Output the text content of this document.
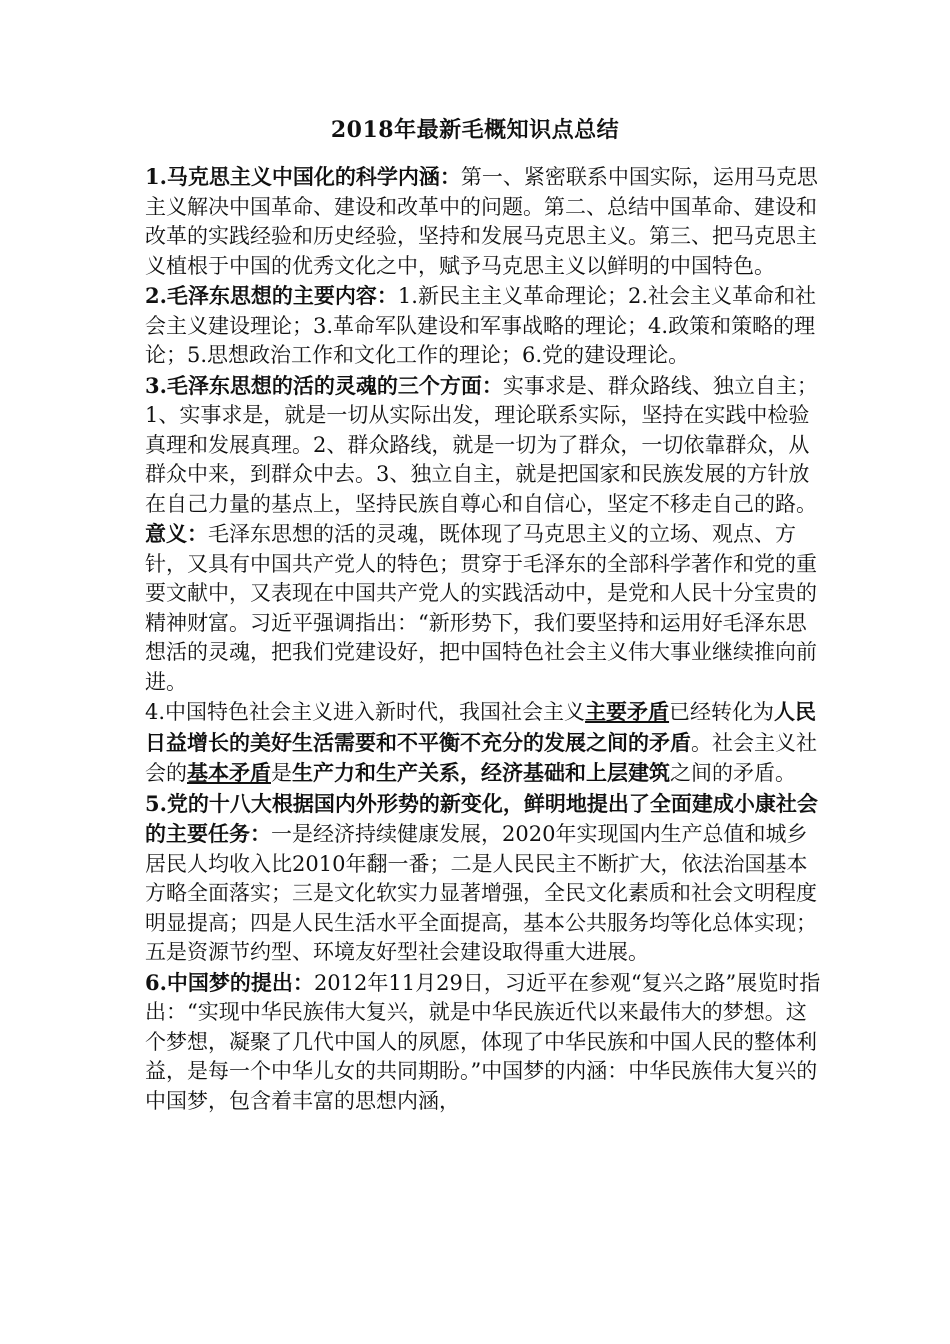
2018年最新毛概知识点总结

1.马克思主义中国化的科学内涵：第一、紧密联系中国实际，运用马克思主义解决中国革命、建设和改革中的问题。第二、总结中国革命、建设和改革的实践经验和历史经验，坚持和发展马克思主义。第三、把马克思主义植根于中国的优秀文化之中，赋予马克思主义以鲜明的中国特色。

2.毛泽东思想的主要内容：1.新民主主义革命理论；2.社会主义革命和社会主义建设理论；3.革命军队建设和军事战略的理论；4.政策和策略的理论；5.思想政治工作和文化工作的理论；6.党的建设理论。

3.毛泽东思想的活的灵魂的三个方面：实事求是、群众路线、独立自主；1、实事求是，就是一切从实际出发，理论联系实际，坚持在实践中检验真理和发展真理。2、群众路线，就是一切为了群众，一切依靠群众，从群众中来，到群众中去。3、独立自主，就是把国家和民族发展的方针放在自己力量的基点上，坚持民族自尊心和自信心，坚定不移走自己的路。意义：毛泽东思想的活的灵魂，既体现了马克思主义的立场、观点、方针，又具有中国共产党人的特色；贯穿于毛泽东的全部科学著作和党的重要文献中，又表现在中国共产党人的实践活动中，是党和人民十分宝贵的精神财富。习近平强调指出：“新形势下，我们要坚持和运用好毛泽东思想活的灵魂，把我们党建设好，把中国特色社会主义伟大事业继续推向前进。

4.中国特色社会主义进入新时代，我国社会主义主要矛盾已经转化为人民日益增长的美好生活需要和不平衡不充分的发展之间的矛盾。社会主义社会的基本矛盾是生产力和生产关系，经济基础和上层建筑之间的矛盾。

5.党的十八大根据国内外形势的新变化，鲜明地提出了全面建成小康社会的主要任务：一是经济持续健康发展，2020年实现国内生产总值和城乡居民人均收入比2010年翻一番；二是人民民主不断扩大，依法治国基本方略全面落实；三是文化软实力显著增强，全民文化素质和社会文明程度明显提高；四是人民生活水平全面提高，基本公共服务均等化总体实现；五是资源节约型、环境友好型社会建设取得重大进展。

6.中国梦的提出：2012年11月29日，习近平在参观“复兴之路”展览时指出：“实现中华民族伟大复兴，就是中华民族近代以来最伟大的梦想。这个梦想，凝聚了几代中国人的夙愿，体现了中华民族和中国人民的整体利益，是每一个中华儿女的共同期盼。”中国梦的内涵：中华民族伟大复兴的中国梦，包含着丰富的思想内涵，
